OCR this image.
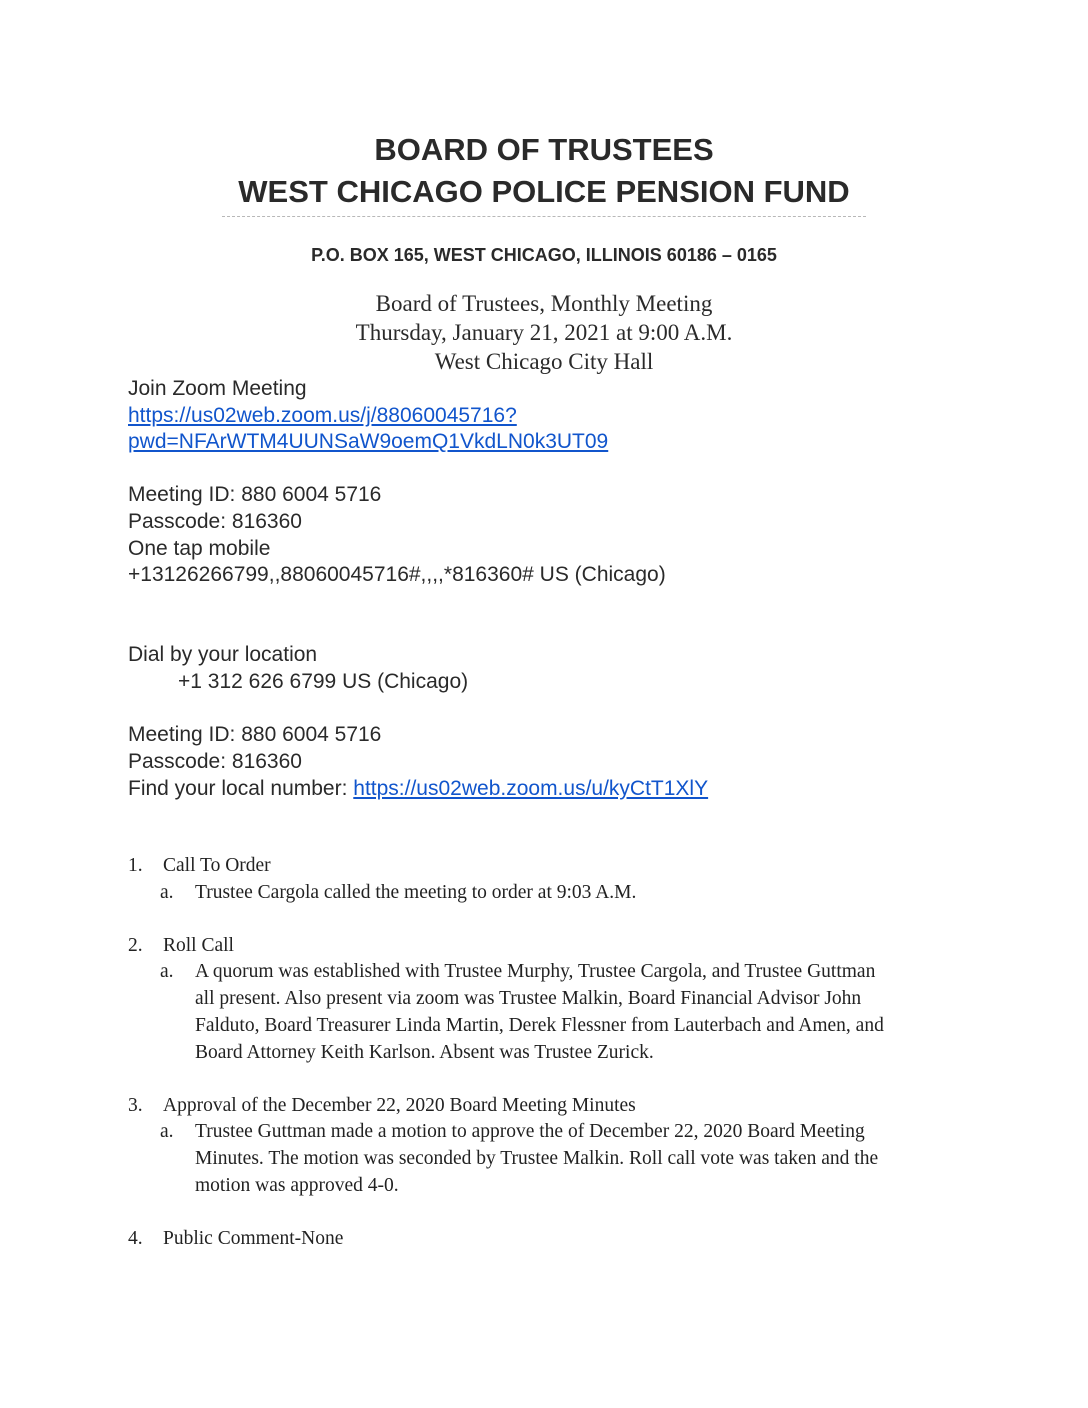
BOARD OF TRUSTEES
WEST CHICAGO POLICE PENSION FUND
P.O. BOX 165, WEST CHICAGO, ILLINOIS 60186 – 0165
Board of Trustees, Monthly Meeting
Thursday, January 21, 2021 at 9:00 A.M.
West Chicago City Hall
Join Zoom Meeting
https://us02web.zoom.us/j/88060045716?
pwd=NFArWTM4UUNSaW9oemQ1VkdLN0k3UT09
Meeting ID: 880 6004 5716
Passcode: 816360
One tap mobile
+13126266799,,88060045716#,,,,*816360# US (Chicago)
Dial by your location
+1 312 626 6799 US (Chicago)
Meeting ID: 880 6004 5716
Passcode: 816360
Find your local number: https://us02web.zoom.us/u/kyCtT1XlY
1. Call To Order
a. Trustee Cargola called the meeting to order at 9:03 A.M.
2. Roll Call
a. A quorum was established with Trustee Murphy, Trustee Cargola, and Trustee Guttman
all present. Also present via zoom was Trustee Malkin, Board Financial Advisor John
Falduto, Board Treasurer Linda Martin, Derek Flessner from Lauterbach and Amen, and
Board Attorney Keith Karlson. Absent was Trustee Zurick.
3. Approval of the December 22, 2020 Board Meeting Minutes
a. Trustee Guttman made a motion to approve the of December 22, 2020 Board Meeting
Minutes. The motion was seconded by Trustee Malkin. Roll call vote was taken and the
motion was approved 4-0.
4. Public Comment-None
